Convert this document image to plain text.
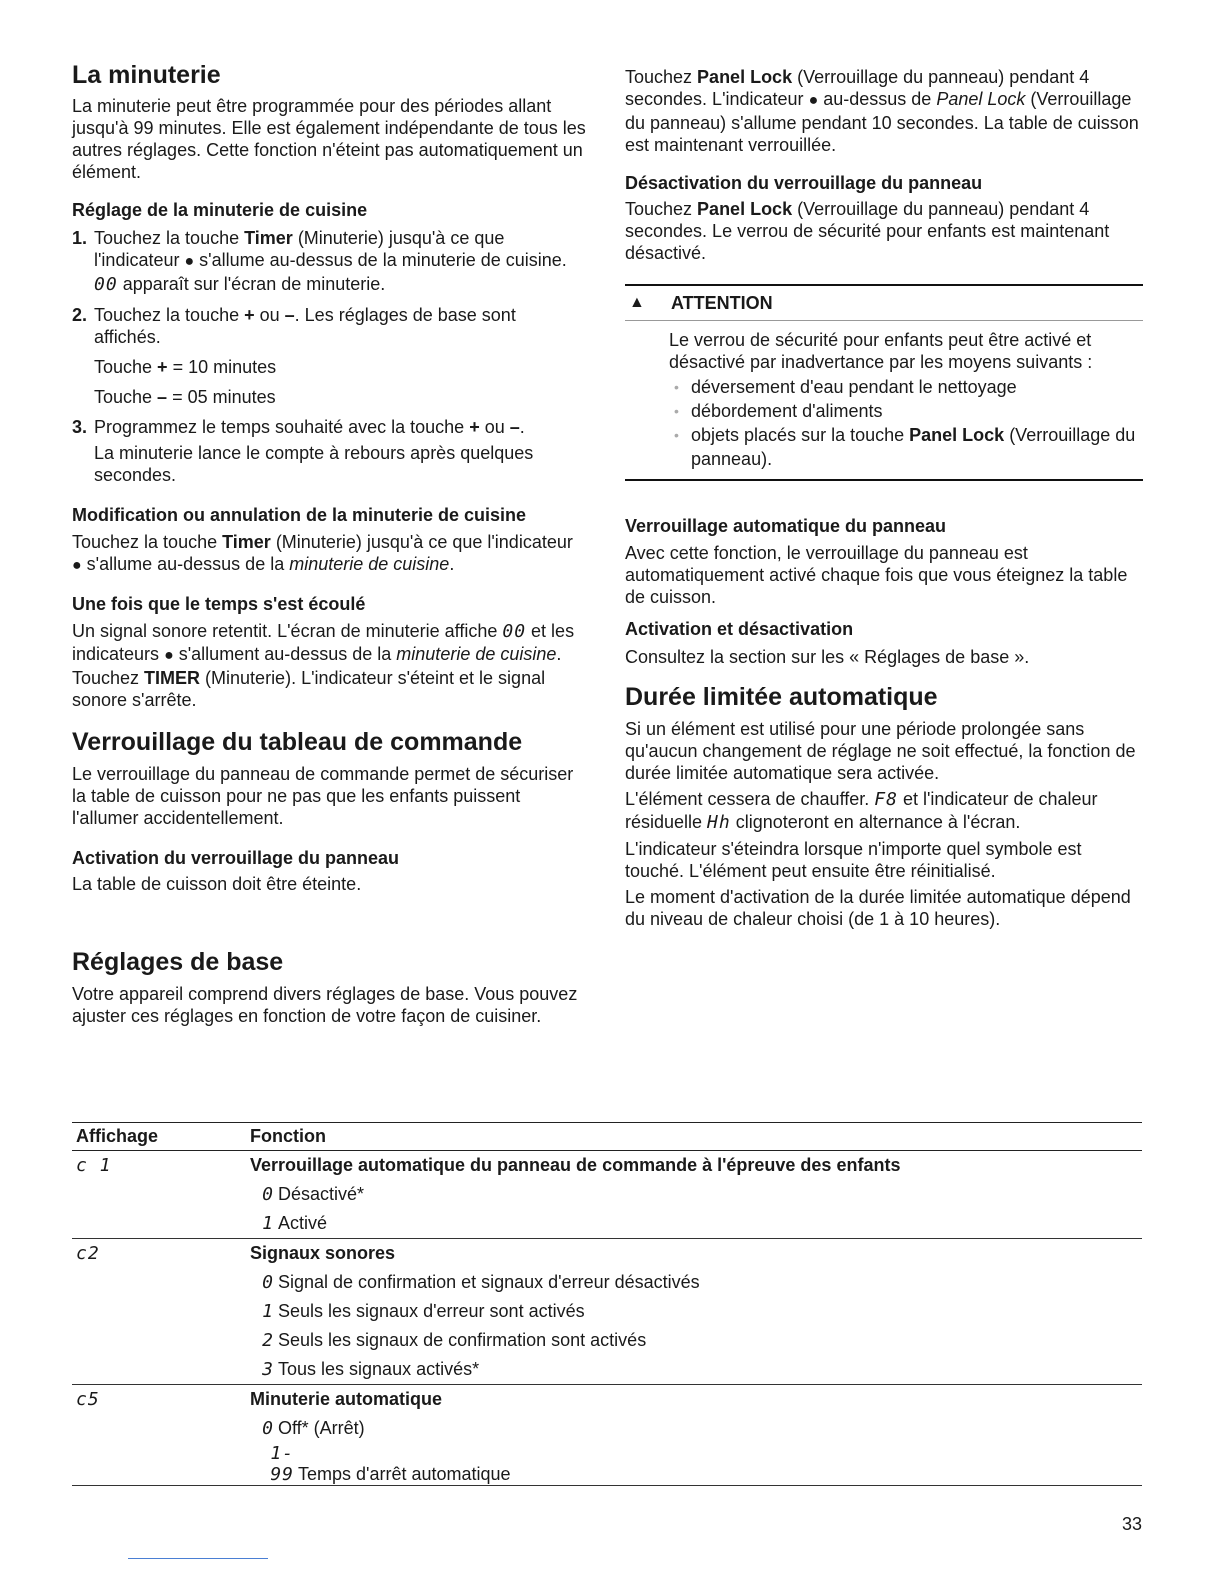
La minuterie

La minuterie peut être programmée pour des périodes allant jusqu'à 99 minutes. Elle est également indépendante de tous les autres réglages. Cette fonction n'éteint pas automatiquement un élément.

Réglage de la minuterie de cuisine
1. Touchez la touche Timer (Minuterie) jusqu'à ce que l'indicateur ● s'allume au-dessus de la minuterie de cuisine. 00 apparaît sur l'écran de minuterie.
2. Touchez la touche + ou –. Les réglages de base sont affichés.

Touche + = 10 minutes

Touche – = 05 minutes

3. Programmez le temps souhaité avec la touche + ou –.

La minuterie lance le compte à rebours après quelques secondes.

Modification ou annulation de la minuterie de cuisine

Touchez la touche Timer (Minuterie) jusqu'à ce que l'indicateur ● s'allume au-dessus de la minuterie de cuisine.

Une fois que le temps s'est écoulé

Un signal sonore retentit. L'écran de minuterie affiche 00 et les indicateurs ● s'allument au-dessus de la minuterie de cuisine. Touchez TIMER (Minuterie). L'indicateur s'éteint et le signal sonore s'arrête.

Verrouillage du tableau de commande

Le verrouillage du panneau de commande permet de sécuriser la table de cuisson pour ne pas que les enfants puissent l'allumer accidentellement.

Activation du verrouillage du panneau

La table de cuisson doit être éteinte.

Réglages de base

Votre appareil comprend divers réglages de base. Vous pouvez ajuster ces réglages en fonction de votre façon de cuisiner.

Touchez Panel Lock (Verrouillage du panneau) pendant 4 secondes. L'indicateur ● au-dessus de Panel Lock (Verrouillage du panneau) s'allume pendant 10 secondes. La table de cuisson est maintenant verrouillée.

Désactivation du verrouillage du panneau

Touchez Panel Lock (Verrouillage du panneau) pendant 4 secondes. Le verrou de sécurité pour enfants est maintenant désactivé.

▲	ATTENTION

Le verrou de sécurité pour enfants peut être activé et désactivé par inadvertance par les moyens suivants :

• déversement d'eau pendant le nettoyage
• débordement d'aliments
• objets placés sur la touche Panel Lock (Verrouillage du panneau).
Verrouillage automatique du panneau

Avec cette fonction, le verrouillage du panneau est automatiquement activé chaque fois que vous éteignez la table de cuisson.

Activation et désactivation

Consultez la section sur les « Réglages de base ».

Durée limitée automatique

Si un élément est utilisé pour une période prolongée sans qu'aucun changement de réglage ne soit effectué, la fonction de durée limitée automatique sera activée.

L'élément cessera de chauffer. F8 et l'indicateur de chaleur résiduelle Hh clignoteront en alternance à l'écran.

L'indicateur s'éteindra lorsque n'importe quel symbole est touché. L'élément peut ensuite être réinitialisé.

Le moment d'activation de la durée limitée automatique dépend du niveau de chaleur choisi (de 1 à 10 heures).

Affichage	Fonction
c 1	Verrouillage automatique du panneau de commande à l'épreuve des enfants
	0 Désactivé*
	1 Activé
c2	Signaux sonores
	0 Signal de confirmation et signaux d'erreur désactivés
	1 Seuls les signaux d'erreur sont activés
	2 Seuls les signaux de confirmation sont activés
	3 Tous les signaux activés*
c5	Minuterie automatique
	0 Off* (Arrêt)
	1-99 Temps d'arrêt automatique
33
